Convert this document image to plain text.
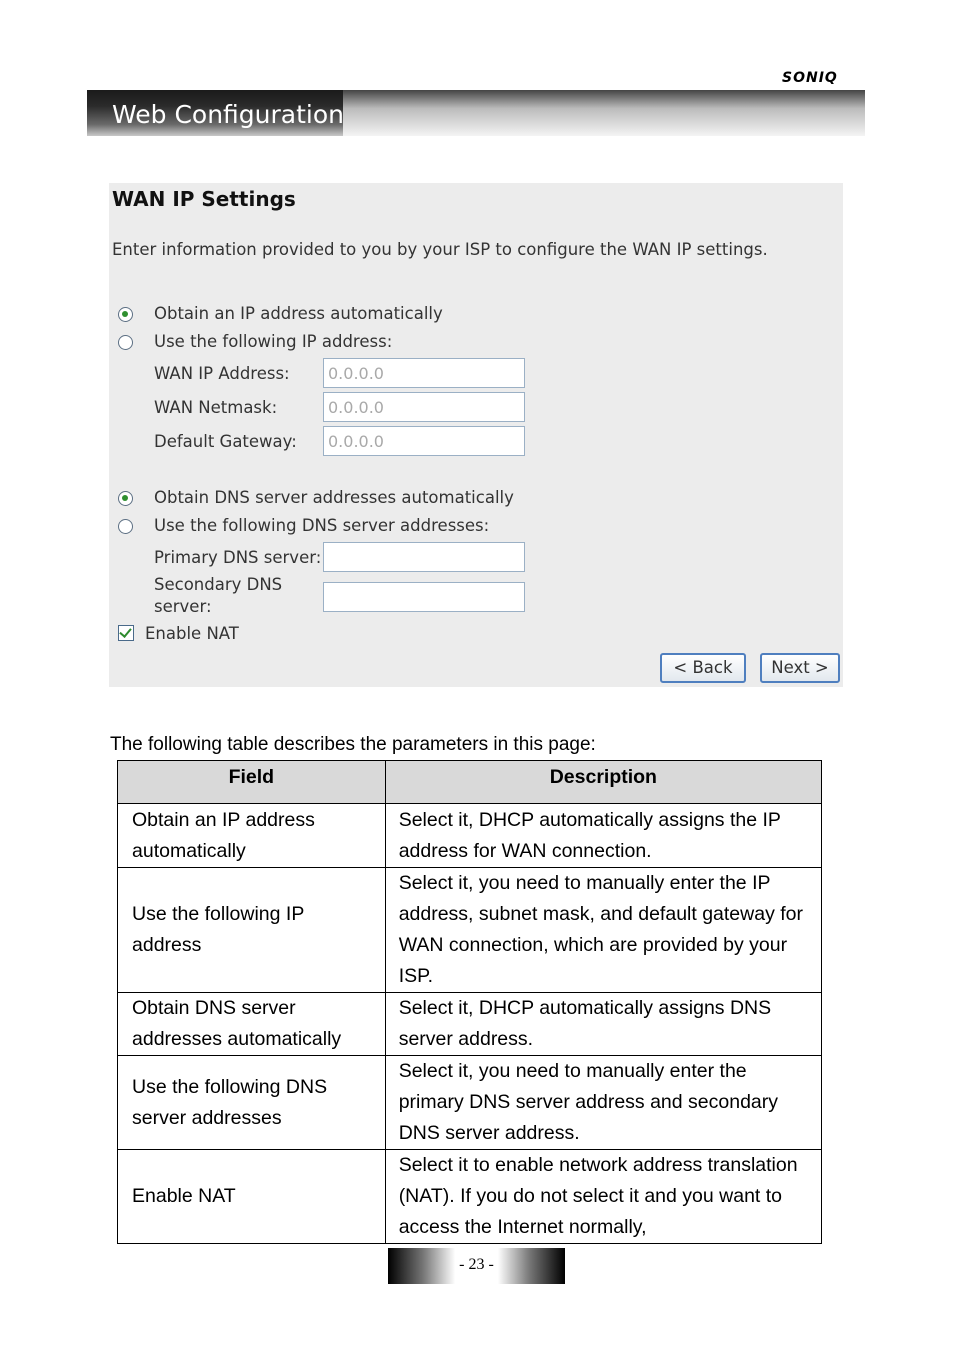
SONIQ
Web Configuration
WAN IP Settings
Enter information provided to you by your ISP to configure the WAN IP settings.
Obtain an IP address automatically
Use the following IP address:
WAN IP Address:	0.0.0.0
WAN Netmask:	0.0.0.0
Default Gateway:	0.0.0.0
Obtain DNS server addresses automatically
Use the following DNS server addresses:
Primary DNS server:
Secondary DNS server:
Enable NAT
< Back	Next >
The following table describes the parameters in this page:
Field	Description
Obtain an IP address automatically	Select it, DHCP automatically assigns the IP address for WAN connection.
Use the following IP address	Select it, you need to manually enter the IP address, subnet mask, and default gateway for WAN connection, which are provided by your ISP.
Obtain DNS server addresses automatically	Select it, DHCP automatically assigns DNS server address.
Use the following DNS server addresses	Select it, you need to manually enter the primary DNS server address and secondary DNS server address.
Enable NAT	Select it to enable network address translation (NAT). If you do not select it and you want to access the Internet normally,
- 23 -
